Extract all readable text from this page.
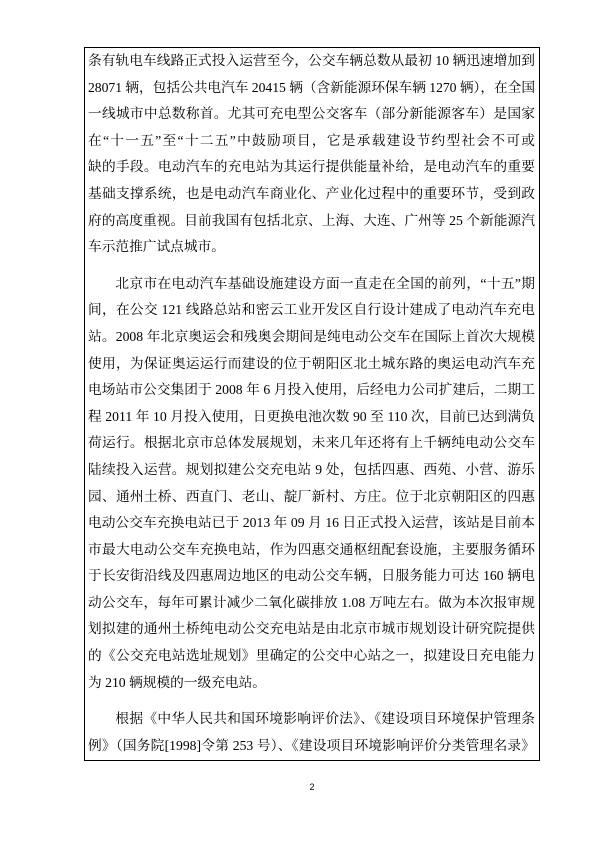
条有轨电车线路正式投入运营至今，公交车辆总数从最初 10 辆迅速增加到
28071 辆，包括公共电汽车 20415 辆（含新能源环保车辆 1270 辆），在全国
一线城市中总数称首。尤其可充电型公交客车（部分新能源客车）是国家
在“十一五”至“十二五”中鼓励项目，它是承载建设节约型社会不可或
缺的手段。电动汽车的充电站为其运行提供能量补给，是电动汽车的重要
基础支撑系统，也是电动汽车商业化、产业化过程中的重要环节，受到政
府的高度重视。目前我国有包括北京、上海、大连、广州等 25 个新能源汽
车示范推广试点城市。
北京市在电动汽车基础设施建设方面一直走在全国的前列，“十五”期
间，在公交 121 线路总站和密云工业开发区自行设计建成了电动汽车充电
站。2008 年北京奥运会和残奥会期间是纯电动公交车在国际上首次大规模
使用，为保证奥运运行而建设的位于朝阳区北土城东路的奥运电动汽车充
电场站市公交集团于 2008 年 6 月投入使用，后经电力公司扩建后，二期工
程 2011 年 10 月投入使用，日更换电池次数 90 至 110 次，目前已达到满负
荷运行。根据北京市总体发展规划，未来几年还将有上千辆纯电动公交车
陆续投入运营。规划拟建公交充电站 9 处，包括四惠、西苑、小营、游乐
园、通州土桥、西直门、老山、靛厂新村、方庄。位于北京朝阳区的四惠
电动公交车充换电站已于 2013 年 09 月 16 日正式投入运营，该站是目前本
市最大电动公交车充换电站，作为四惠交通枢纽配套设施，主要服务循环
于长安街沿线及四惠周边地区的电动公交车辆，日服务能力可达 160 辆电
动公交车，每年可累计减少二氧化碳排放 1.08 万吨左右。做为本次报审规
划拟建的通州土桥纯电动公交充电站是由北京市城市规划设计研究院提供
的《公交充电站选址规划》里确定的公交中心站之一，拟建设日充电能力
为 210 辆规模的一级充电站。
根据《中华人民共和国环境影响评价法》、《建设项目环境保护管理条
例》（国务院[1998]令第 253 号）、《建设项目环境影响评价分类管理名录》
2
